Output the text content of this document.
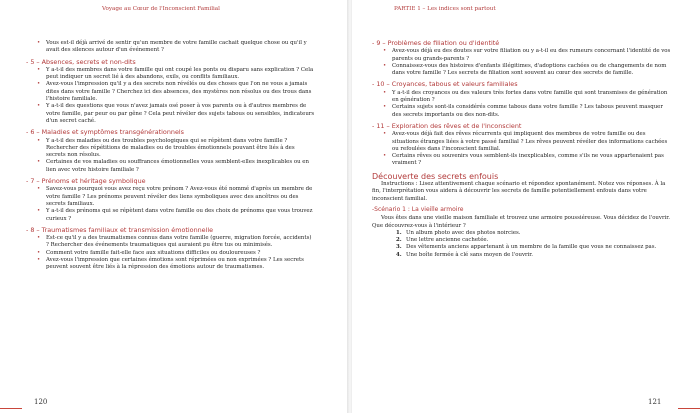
Voyage au Cœur de l'Inconscient Familial

• Vous est-il déjà arrivé de sentir qu'un membre de votre famille cachait quelque chose ou qu'il y avait des silences autour d'un événement ?

- 5 – Absences, secrets et non-dits

• Y a-t-il des membres dans votre famille qui ont coupé les ponts ou disparu sans explication ? Cela peut indiquer un secret lié à des abandons, exils, ou conflits familiaux.

• Avez-vous l'impression qu'il y a des secrets non révélés ou des choses que l'on ne vous a jamais dites dans votre famille ? Cherchez ici des absences, des mystères non résolus ou des trous dans l'histoire familiale.

• Y a-t-il des questions que vous n'avez jamais osé poser à vos parents ou à d'autres membres de votre famille, par peur ou par gêne ? Cela peut révéler des sujets tabous ou sensibles, indicateurs d'un secret caché.

- 6 – Maladies et symptômes transgénérationnels

• Y a-t-il des maladies ou des troubles psychologiques qui se répètent dans votre famille ? Rechercher des répétitions de maladies ou de troubles émotionnels pouvant être liés à des secrets non résolus.

• Certaines de vos maladies ou souffrances émotionnelles vous semblent-elles inexplicables ou en lien avec votre histoire familiale ?

- 7 – Prénoms et héritage symbolique

• Savez-vous pourquoi vous avez reçu votre prénom ? Avez-vous été nommé d'après un membre de votre famille ? Les prénoms peuvent révéler des liens symboliques avec des ancêtres ou des secrets familiaux.

• Y a-t-il des prénoms qui se répètent dans votre famille ou des choix de prénoms que vous trouvez curieux ?

- 8 – Traumatismes familiaux et transmission émotionnelle

• Est-ce qu'il y a des traumatismes connus dans votre famille (guerre, migration forcée, accidents) ? Rechercher des événements traumatiques qui auraient pu être tus ou minimisés.

• Comment votre famille fait-elle face aux situations difficiles ou douloureuses ?

• Avez-vous l'impression que certaines émotions sont réprimées ou non exprimées ? Les secrets peuvent souvent être liés à la répression des émotions autour de traumatismes.

120
PARTIE 1 – Les indices sont partout
- 9 – Problèmes de filiation ou d'identité

• Avez-vous déjà eu des doutes sur votre filiation ou y a-t-il eu des rumeurs concernant l'identité de vos parents ou grands-parents ?

• Connaissez-vous des histoires d'enfants illégitimes, d'adoptions cachées ou de changements de nom dans votre famille ? Les secrets de filiation sont souvent au cœur des secrets de famille.

- 10 – Croyances, tabous et valeurs familiales

• Y a-t-il des croyances ou des valeurs très fortes dans votre famille qui sont transmises de génération en génération ?

• Certains sujets sont-ils considérés comme tabous dans votre famille ? Les tabous peuvent masquer des secrets importants ou des non-dits.

- 11 – Exploration des rêves et de l'inconscient

• Avez-vous déjà fait des rêves récurrents qui impliquent des membres de votre famille ou des situations étranges liées à votre passé familial ? Les rêves peuvent révéler des informations cachées ou refoulées dans l'inconscient familial.

• Certains rêves ou souvenirs vous semblent-ils inexplicables, comme s'ils ne vous appartenaient pas vraiment ?

Découverte des secrets enfouis

Instructions : Lisez attentivement chaque scénario et répondez spontanément. Notez vos réponses. À la fin, l'interprétation vous aidera à découvrir les secrets de famille potentiellement enfouis dans votre inconscient familial.

-Scénario 1 : La vieille armoire

Vous êtes dans une vieille maison familiale et trouvez une armoire poussiéreuse. Vous décidez de l'ouvrir. Que découvrez-vous à l'intérieur ?

1. Un album photo avec des photos noircies.

2. Une lettre ancienne cachetée.

3. Des vêtements anciens appartenant à un membre de la famille que vous ne connaissez pas.

4. Une boîte fermée à clé sans moyen de l'ouvrir.

121
